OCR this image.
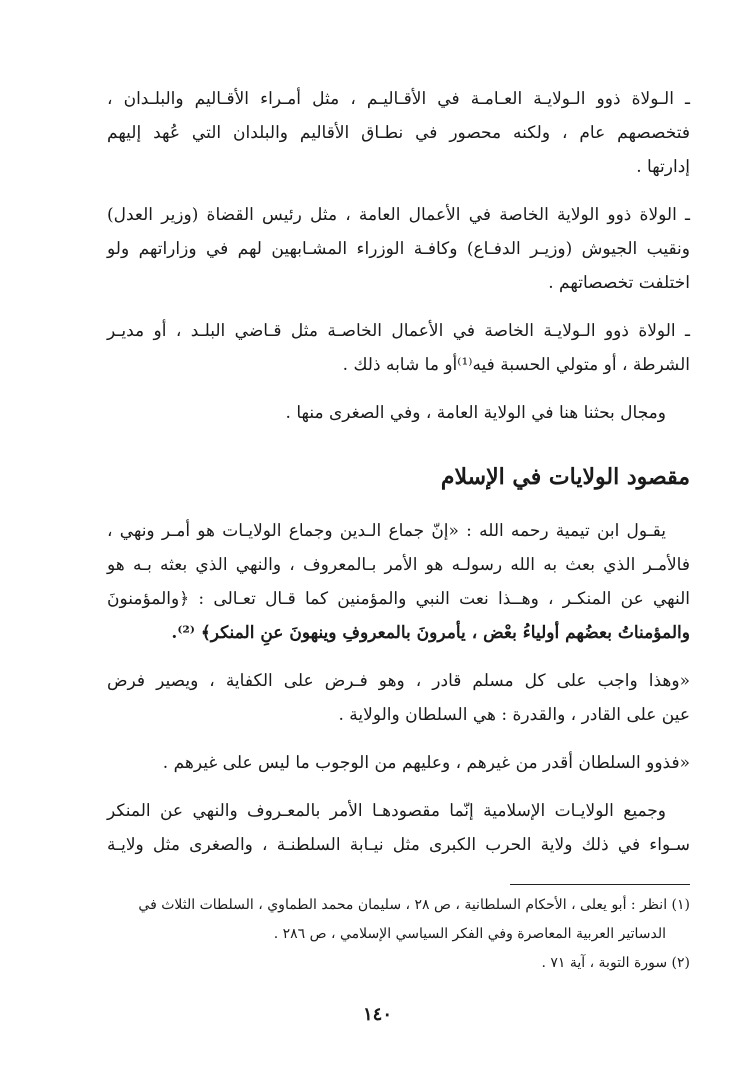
ـ الـولاة ذوو الـولايـة العـامـة في الأقـاليـم ، مثل أمـراء الأقـاليم والبلـدان ،
فتخصصهم عام ، ولكنه محصور في نطـاق الأقاليم والبلدان التي عُهد إليهم
إدارتها .

ـ الولاة ذوو الولاية الخاصة في الأعمال العامة ، مثل رئيس القضاة (وزير العدل)
ونقيب الجيوش (وزيـر الدفـاع) وكافـة الوزراء المشـابهين لهم في وزاراتهم ولو
اختلفت تخصصاتهم .

ـ الولاة ذوو الـولايـة الخاصة في الأعمال الخاصـة مثل قـاضي البلـد ، أو مديـر
الشرطة ، أو متولي الحسبة فيه⁽¹⁾أو ما شابه ذلك .

ومجال بحثنا هنا في الولاية العامة ، وفي الصغرى منها .

مقصود الولايات في الإسلام

يقـول ابن تيمية رحمه الله : «إنّ جماع الـدين وجماع الولايـات هو أمـر ونهي ،
فالأمـر الذي بعث به الله رسولـه هو الأمر بـالمعروف ، والنهي الذي بعثه بـه هو
النهي عن المنكـر ، وهــذا نعت النبي والمؤمنين كما قـال تعـالى : ﴿والمؤمنونَ
والمؤمناتُ بعضُهم أولياءُ بعْض ، يأمرونَ بالمعروفِ وينهونَ عنِ المنكر﴾ ⁽²⁾.

«وهذا واجب على كل مسلم قادر ، وهو فـرض على الكفاية ، ويصير فرض
عين على القادر ، والقدرة : هي السلطان والولاية .

«فذوو السلطان أقدر من غيرهم ، وعليهم من الوجوب ما ليس على غيرهم .

وجميع الولايـات الإسلامية إنّما مقصودهـا الأمر بالمعـروف والنهي عن المنكر
سـواء في ذلك ولاية الحرب الكبرى مثل نيـابة السلطنـة ، والصغرى مثل ولايـة

(١) انظر : أبو يعلى ، الأحكام السلطانية ، ص ٢٨ ، سليمان محمد الطماوي ، السلطات الثلاث في
الدساتير العربية المعاصرة وفي الفكر السياسي الإسلامي ، ص ٢٨٦ .
(٢) سورة التوبة ، آية ٧١ .
١٤٠
